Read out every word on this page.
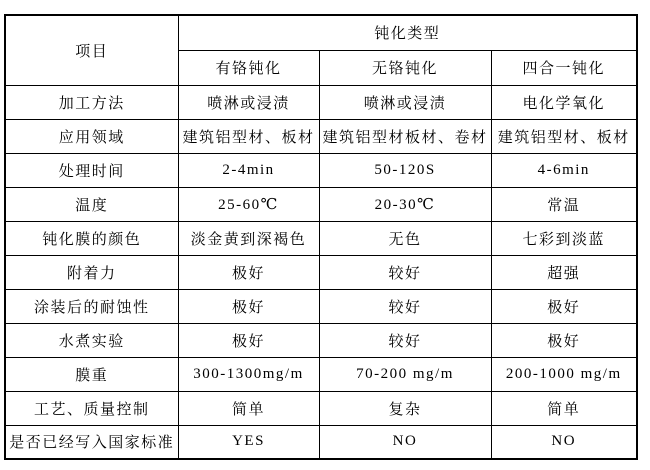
项目	钝化类型		
	有铬钝化	无铬钝化	四合一钝化
加工方法	喷淋或浸渍	喷淋或浸渍	电化学氧化
应用领域	建筑铝型材、板材	建筑铝型材板材、卷材	建筑铝型材、板材
处理时间	2-4min	50-120S	4-6min
温度	25-60℃	20-30℃	常温
钝化膜的颜色	淡金黄到深褐色	无色	七彩到淡蓝
附着力	极好	较好	超强
涂装后的耐蚀性	极好	较好	极好
水煮实验	极好	较好	极好
膜重	300-1300mg/m	70-200 mg/m	200-1000 mg/m
工艺、质量控制	简单	复杂	简单
是否已经写入国家标准	YES	NO	NO
